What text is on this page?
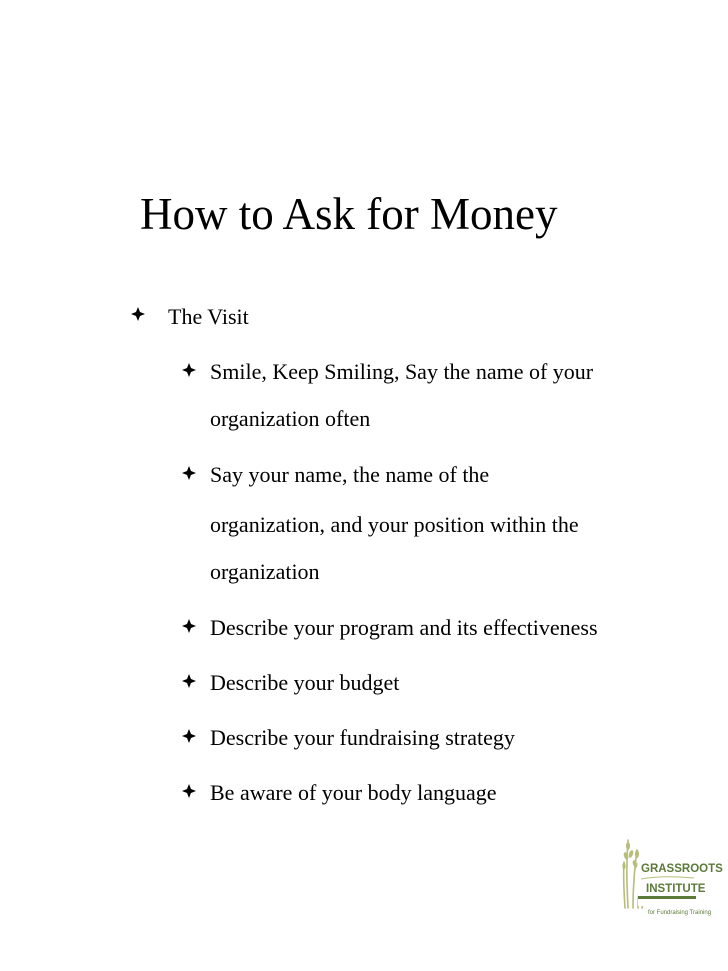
How to Ask for Money
The Visit
Smile, Keep Smiling, Say the name of your
organization often
Say your name, the name of the
organization, and your position within the
organization
Describe your program and its effectiveness
Describe your budget
Describe your fundraising strategy
Be aware of your body language
GRASSROOTS
INSTITUTE
for Fundraising Training
